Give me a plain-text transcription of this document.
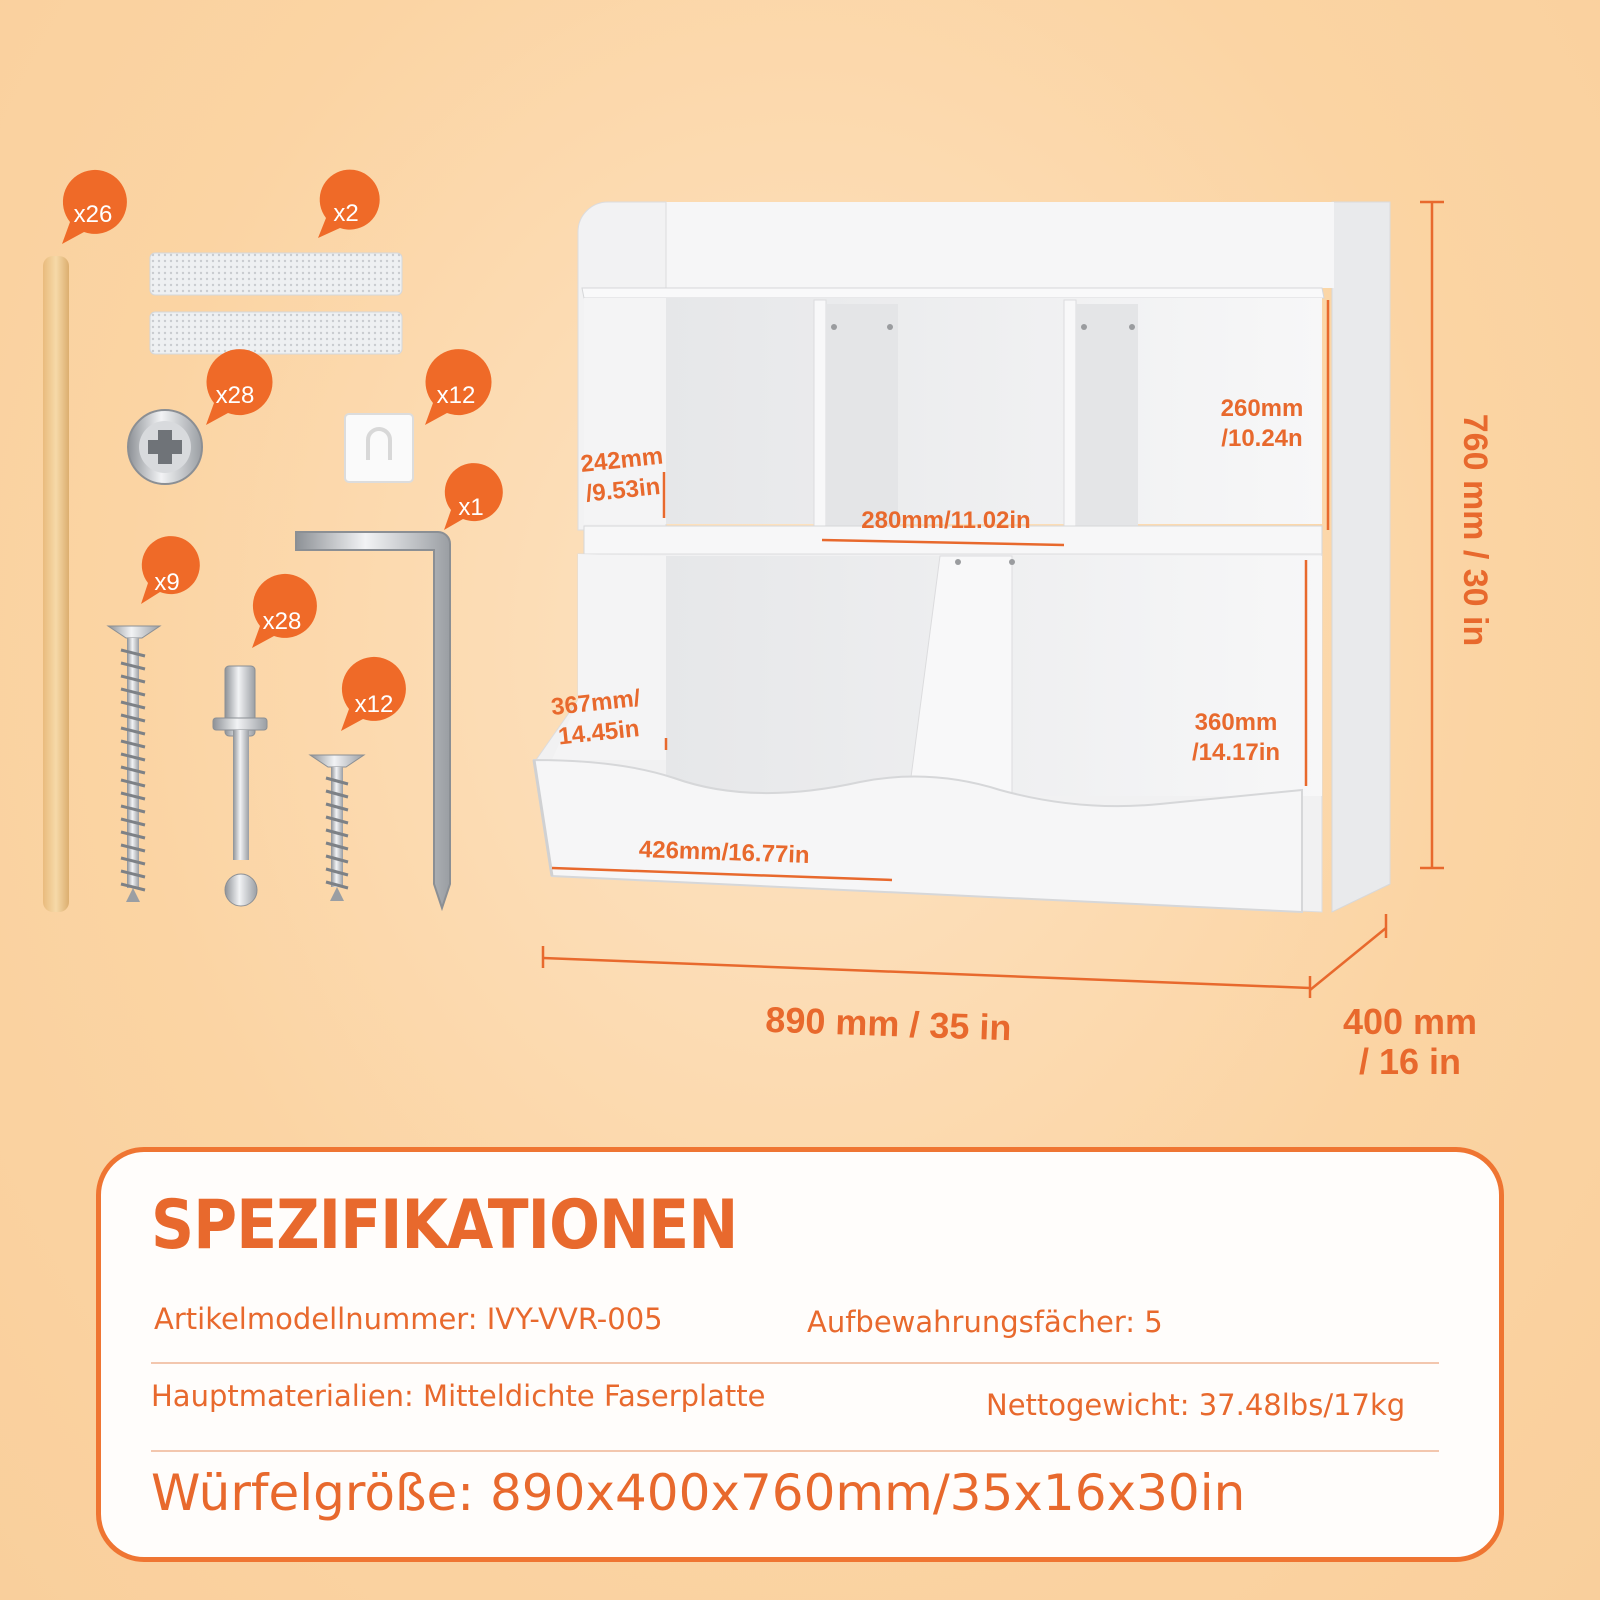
x26	x2
x28	x12
x1
x9
x28
x12
760 mm / 30 in
890 mm / 35 in	400 mm
/ 16 in
242mm
/9.53in
280mm/11.02in
260mm
/10.24n
367mm/
14.45in	360mm
/14.17in
426mm/16.77in
SPEZIFIKATIONEN
Artikelmodellnummer: IVY-VVR-005	Aufbewahrungsfächer: 5
Hauptmaterialien: Mitteldichte Faserplatte	Nettogewicht: 37.48lbs/17kg
Würfelgröße: 890x400x760mm/35x16x30in
